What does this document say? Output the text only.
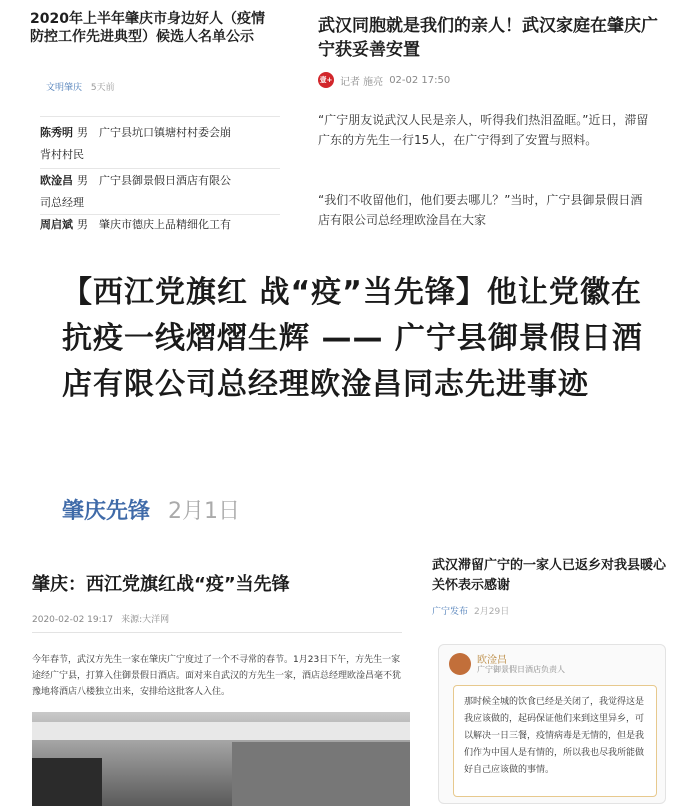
2020年上半年肇庆市身边好人（疫情防控工作先进典型）候选人名单公示
文明肇庆 5天前
陈秀明 男　广宁县坑口镇塘村村委会崩
背村村民
欧淦昌 男　广宁县御景假日酒店有限公
司总经理
周启斌 男　肇庆市德庆上品精细化工有
武汉同胞就是我们的亲人！武汉家庭在肇庆广宁获妥善安置
壹+ 记者 施亮 02-02 17:50
“广宁朋友说武汉人民是亲人，听得我们热泪盈眶。”近日，滞留广东的方先生一行15人，在广宁得到了安置与照料。
“我们不收留他们，他们要去哪儿？”当时，广宁县御景假日酒店有限公司总经理欧淦昌在大家
【西江党旗红 战“疫”当先锋】他让党徽在抗疫一线熠熠生辉 —— 广宁县御景假日酒店有限公司总经理欧淦昌同志先进事迹
肇庆先锋 2月1日
肇庆：西江党旗红战“疫”当先锋
2020-02-02 19:17 来源:大洋网
今年春节，武汉方先生一家在肇庆广宁度过了一个不寻常的春节。1月23日下午，方先生一家途经广宁县，打算入住御景假日酒店。面对来自武汉的方先生一家，酒店总经理欧淦昌毫不犹豫地将酒店八楼独立出来，安排给这批客人入住。
武汉滞留广宁的一家人已返乡对我县暖心关怀表示感谢
广宁发布 2月29日
欧淦昌
广宁御景假日酒店负责人
那时候全城的饮食已经是关闭了，我觉得这是我应该做的，起码保证他们来到这里异乡，可以解决一日三餐，疫情病毒是无情的，但是我们作为中国人是有情的，所以我也尽我所能做好自己应该做的事情。
